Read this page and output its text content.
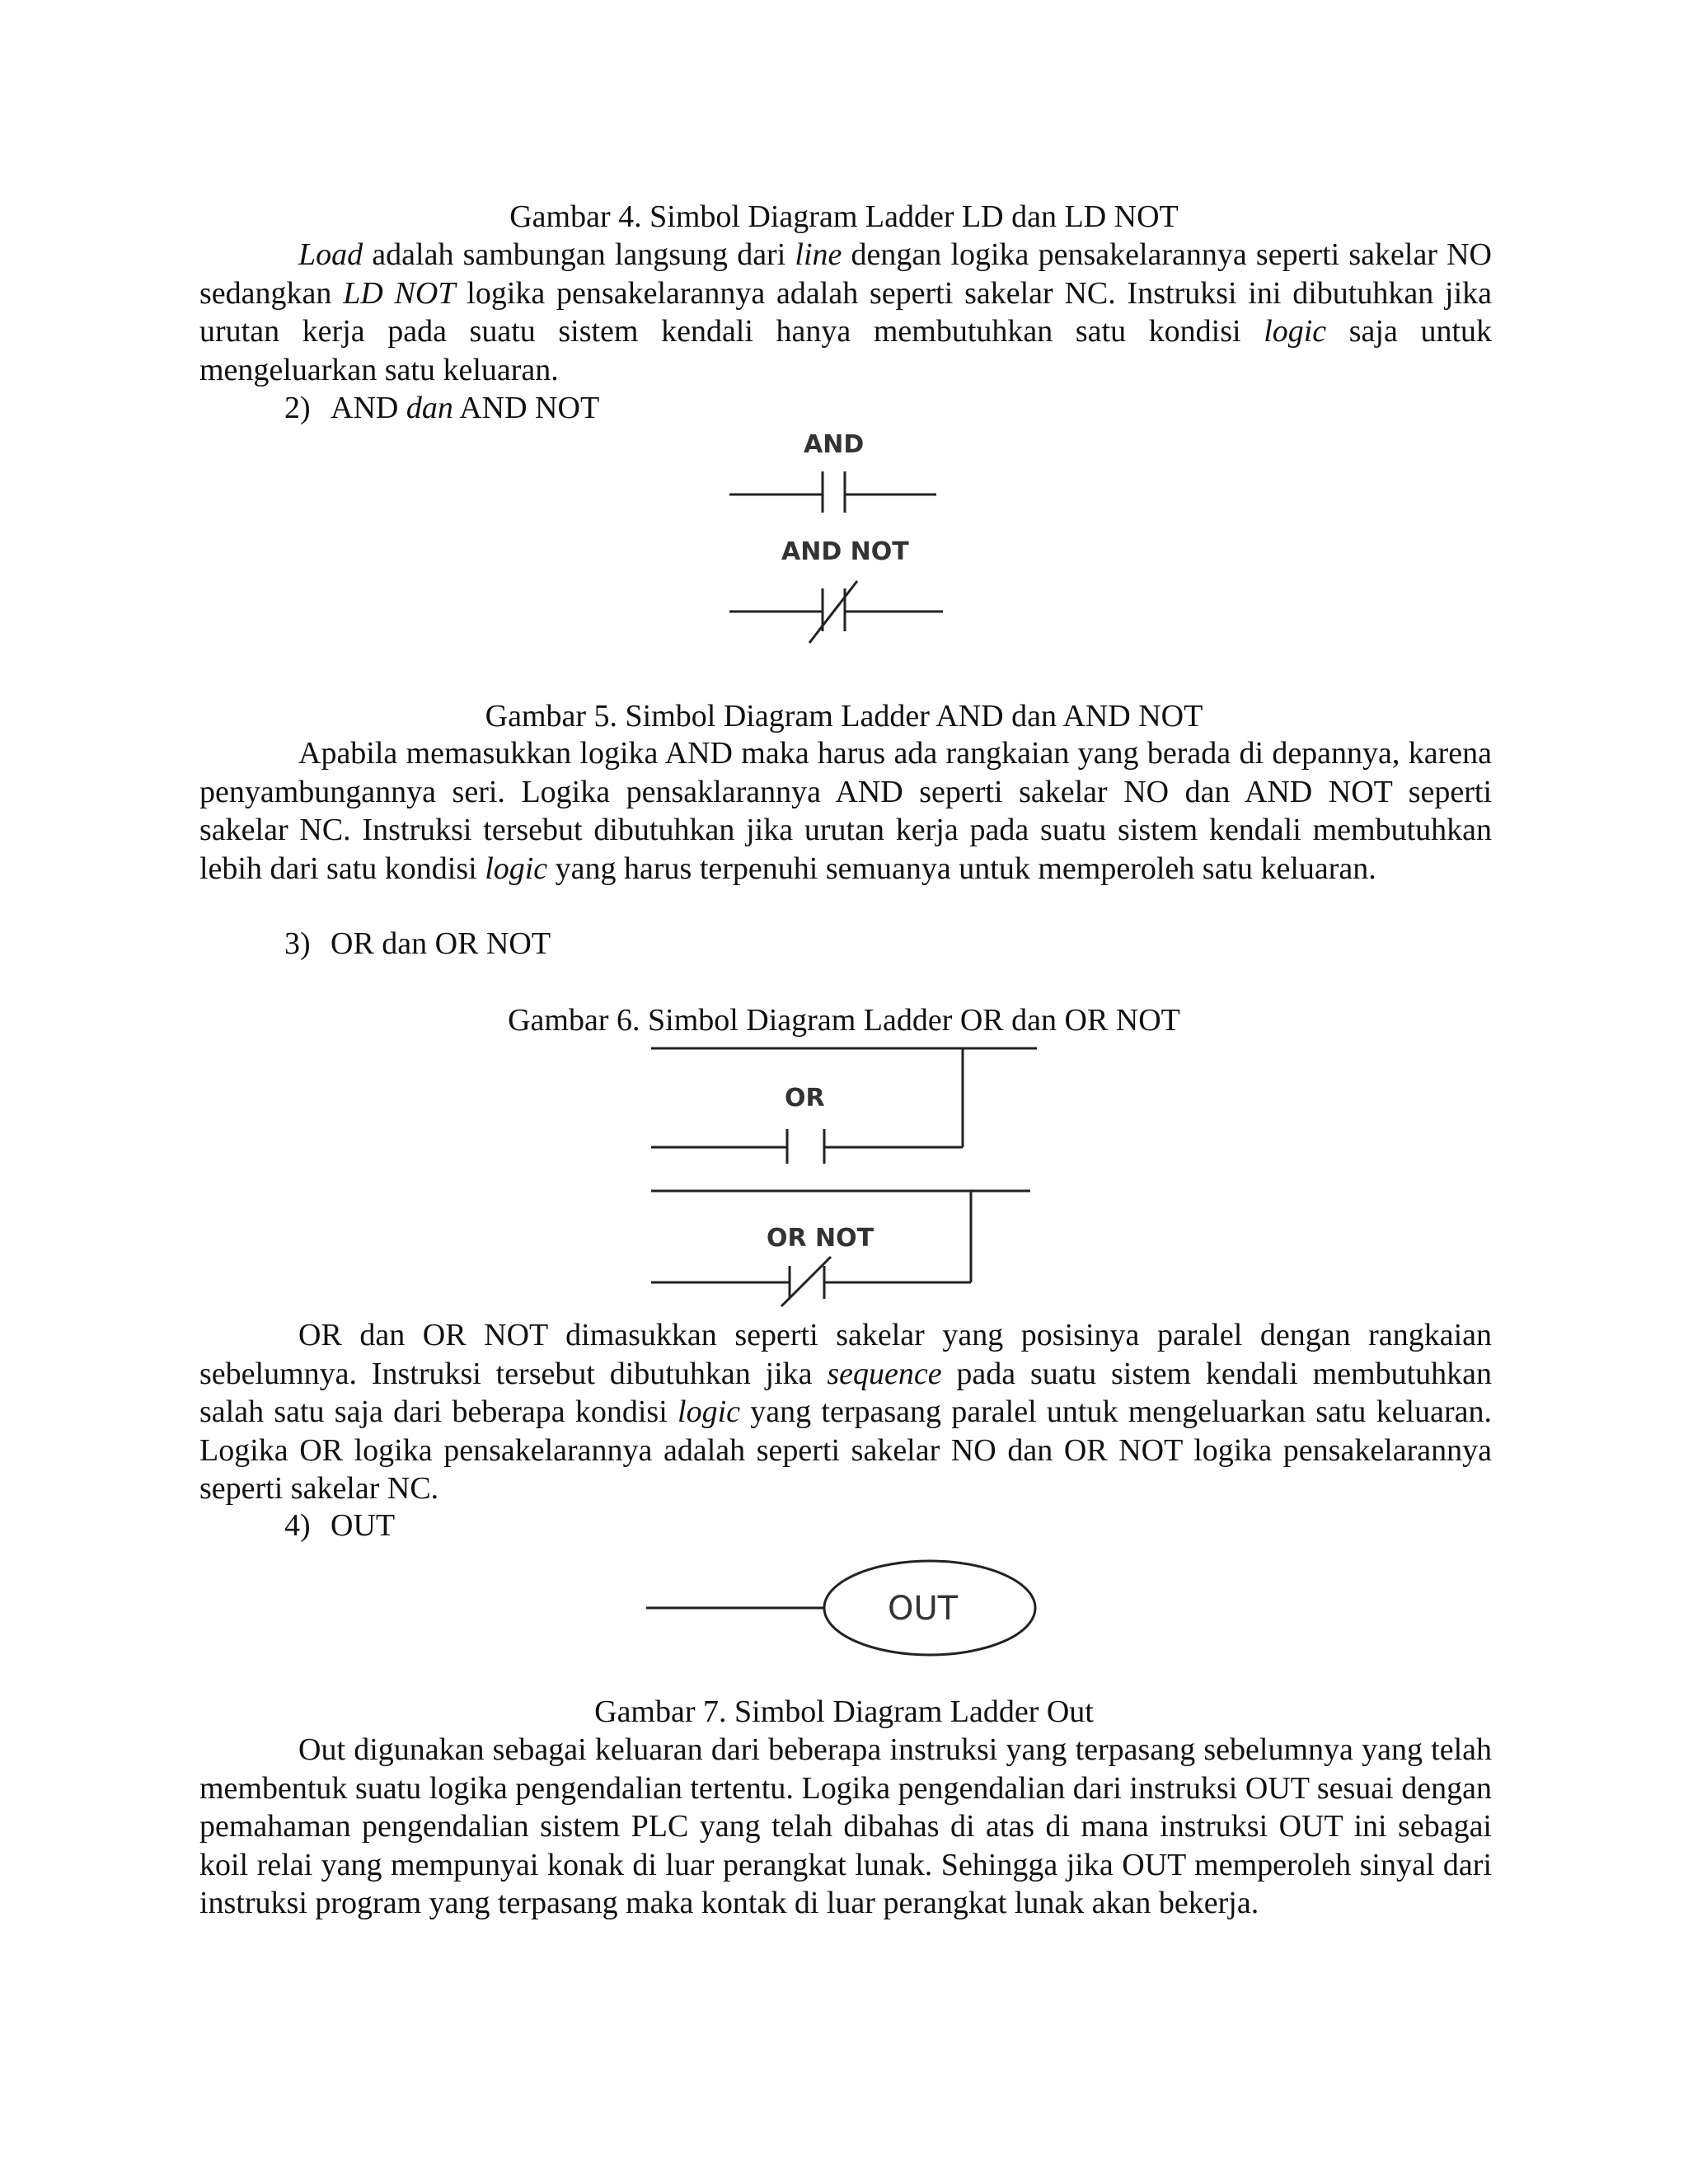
Gambar 4. Simbol Diagram Ladder LD dan LD NOT

Load adalah sambungan langsung dari line dengan logika pensakelarannya seperti sakelar NO sedangkan LD NOT logika pensakelarannya adalah seperti sakelar NC. Instruksi ini dibutuhkan jika urutan kerja pada suatu sistem kendali hanya membutuhkan satu kondisi logic saja untuk mengeluarkan satu keluaran.

2) AND dan AND NOT

AND
AND NOT

Gambar 5. Simbol Diagram Ladder AND dan AND NOT

Apabila memasukkan logika AND maka harus ada rangkaian yang berada di depannya, karena penyambungannya seri. Logika pensaklarannya AND seperti sakelar NO dan AND NOT seperti sakelar NC. Instruksi tersebut dibutuhkan jika urutan kerja pada suatu sistem kendali membutuhkan lebih dari satu kondisi logic yang harus terpenuhi semuanya untuk memperoleh satu keluaran.

3) OR dan OR NOT

Gambar 6. Simbol Diagram Ladder OR dan OR NOT

OR
OR NOT

OR dan OR NOT dimasukkan seperti sakelar yang posisinya paralel dengan rangkaian sebelumnya. Instruksi tersebut dibutuhkan jika sequence pada suatu sistem kendali membutuhkan salah satu saja dari beberapa kondisi logic yang terpasang paralel untuk mengeluarkan satu keluaran. Logika OR logika pensakelarannya adalah seperti sakelar NO dan OR NOT logika pensakelarannya seperti sakelar NC.

4) OUT

OUT

Gambar 7. Simbol Diagram Ladder Out

Out digunakan sebagai keluaran dari beberapa instruksi yang terpasang sebelumnya yang telah membentuk suatu logika pengendalian tertentu. Logika pengendalian dari instruksi OUT sesuai dengan pemahaman pengendalian sistem PLC yang telah dibahas di atas di mana instruksi OUT ini sebagai koil relai yang mempunyai konak di luar perangkat lunak. Sehingga jika OUT memperoleh sinyal dari instruksi program yang terpasang maka kontak di luar perangkat lunak akan bekerja.
